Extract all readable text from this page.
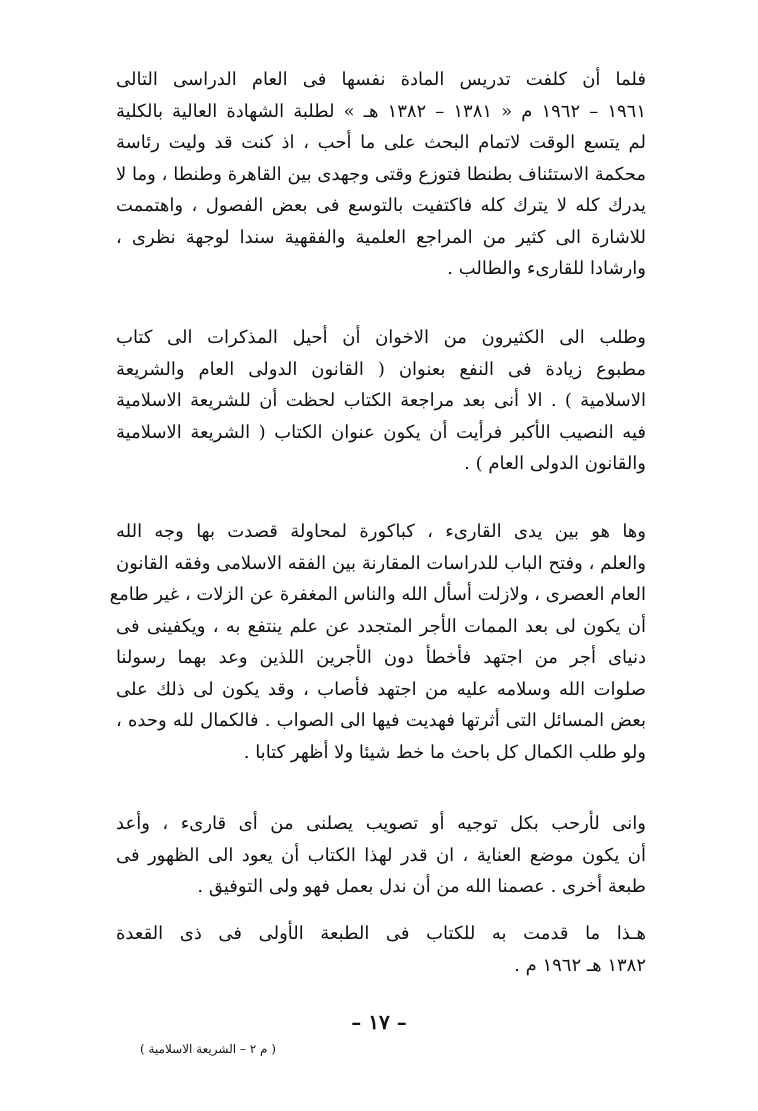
فلما أن كلفت تدريس المادة نفسها فى العام الدراسى التالى
١٩٦١ – ١٩٦٢ م « ١٣٨١ – ١٣٨٢ هـ » لطلبة الشهادة العالية بالكلية
لم يتسع الوقت لاتمام البحث على ما أحب ، اذ كنت قد وليت رئاسة
محكمة الاستئناف بطنطا فتوزع وقتى وجهدى بين القاهرة وطنطا ، وما لا
يدرك كله لا يترك كله فاكتفيت بالتوسع فى بعض الفصول ، واهتممت
للاشارة الى كثير من المراجع العلمية والفقهية سندا لوجهة نظرى ،
وارشادا للقارىء والطالب .
وطلب الى الكثيرون من الاخوان أن أحيل المذكرات الى كتاب
مطبوع زيادة فى النفع بعنوان ( القانون الدولى العام والشريعة
الاسلامية ) . الا أنى بعد مراجعة الكتاب لحظت أن للشريعة الاسلامية
فيه النصيب الأكبر فرأيت أن يكون عنوان الكتاب ( الشريعة الاسلامية
والقانون الدولى العام ) .
وها هو بين يدى القارىء ، كباكورة لمحاولة قصدت بها وجه الله
والعلم ، وفتح الباب للدراسات المقارنة بين الفقه الاسلامى وفقه القانون
العام العصرى ، ولازلت أسأل الله والناس المغفرة عن الزلات ، غير طامع
أن يكون لى بعد الممات الأجر المتجدد عن علم ينتفع به ، ويكفينى فى
دنياى أجر من اجتهد فأخطأ دون الأجرين اللذين وعد بهما رسولنا
صلوات الله وسلامه عليه من اجتهد فأصاب ، وقد يكون لى ذلك على
بعض المسائل التى أثرتها فهديت فيها الى الصواب . فالكمال لله وحده ،
ولو طلب الكمال كل باحث ما خط شيئا ولا أظهر كتابا .
وانى لأرحب بكل توجيه أو تصويب يصلنى من أى قارىء ، وأعد
أن يكون موضع العناية ، ان قدر لهذا الكتاب أن يعود الى الظهور فى
طبعة أخرى . عصمنا الله من أن ندل بعمل فهو ولى التوفيق .
هـذا ما قدمت به للكتاب فى الطبعة الأولى فى ذى القعدة
١٣٨٢ هـ ١٩٦٢ م .
– ١٧ –
( م ٢ – الشريعة الاسلامية )
